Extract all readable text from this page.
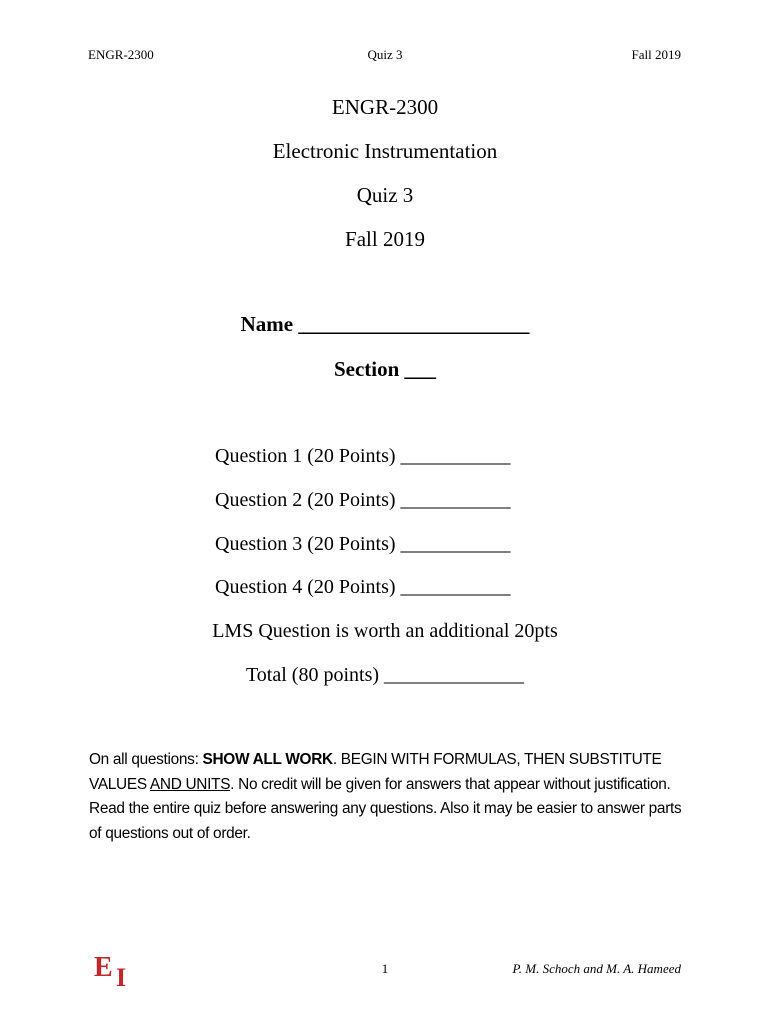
ENGR-2300	Quiz 3	Fall 2019
ENGR-2300
Electronic Instrumentation
Quiz 3
Fall 2019
Name ______________________
Section ___
Question 1 (20 Points) ___________
Question 2 (20 Points) ___________
Question 3 (20 Points) ___________
Question 4 (20 Points) ___________
LMS Question is worth an additional 20pts
Total (80 points) ______________
On all questions: SHOW ALL WORK. BEGIN WITH FORMULAS, THEN SUBSTITUTE VALUES AND UNITS. No credit will be given for answers that appear without justification. Read the entire quiz before answering any questions. Also it may be easier to answer parts of questions out of order.
E I	1	P. M. Schoch and M. A. Hameed
